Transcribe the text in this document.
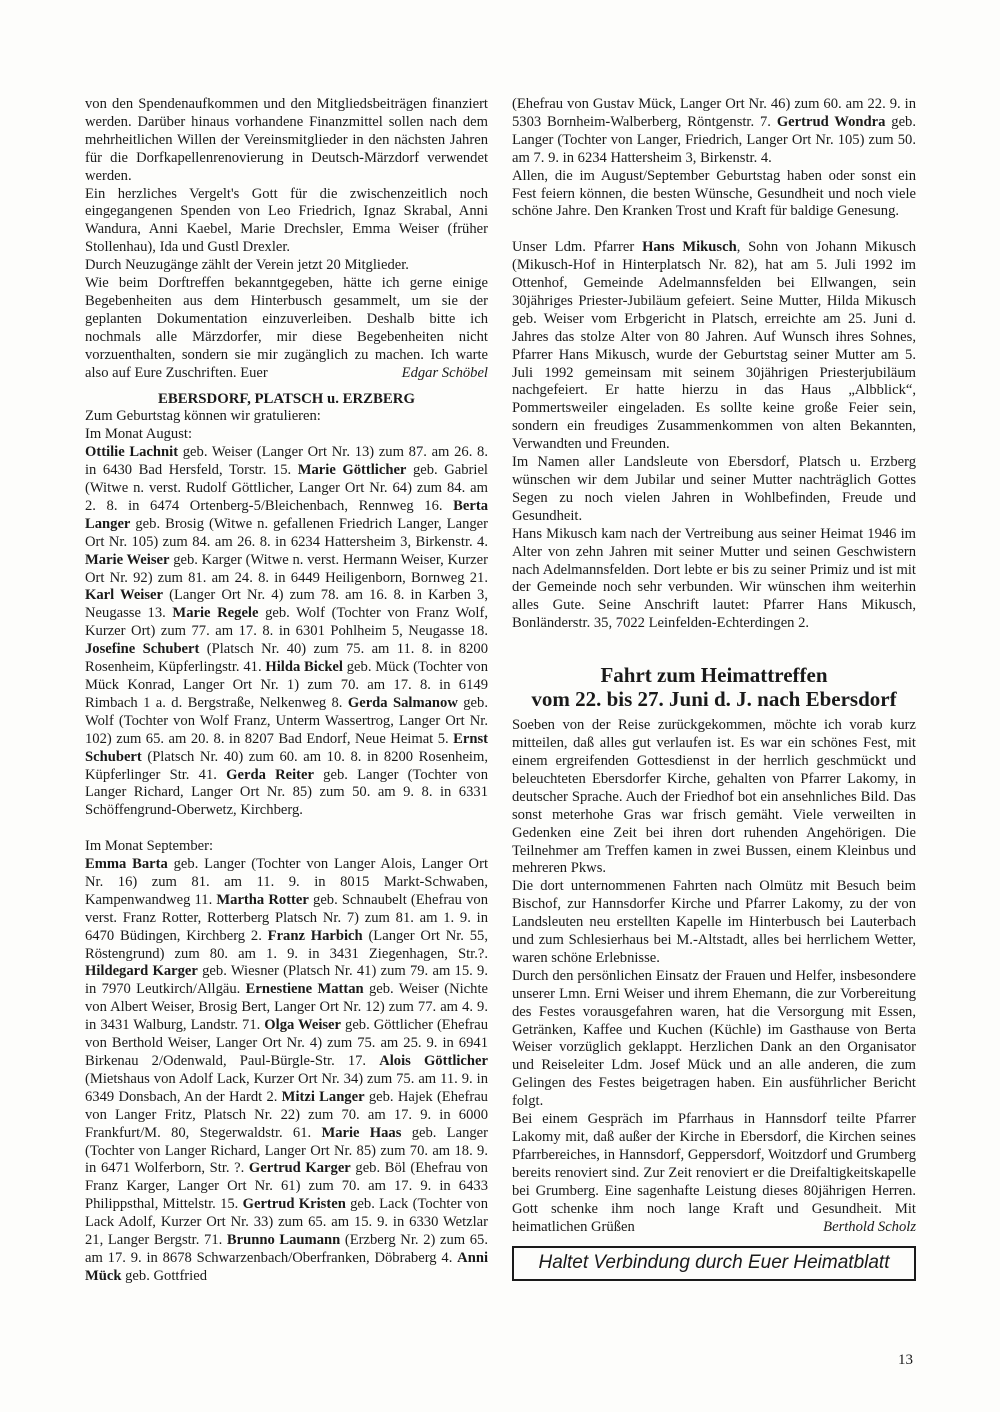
von den Spendenaufkommen und den Mitgliedsbeiträgen finanziert werden. Darüber hinaus vorhandene Finanzmittel sollen nach dem mehrheitlichen Willen der Vereinsmitglieder in den nächsten Jahren für die Dorfkapellenrenovierung in Deutsch-Märzdorf verwendet werden.

Ein herzliches Vergelt's Gott für die zwischenzeitlich noch eingegangenen Spenden von Leo Friedrich, Ignaz Skrabal, Anni Wandura, Anni Kaebel, Marie Drechsler, Emma Weiser (früher Stollenhau), Ida und Gustl Drexler.

Durch Neuzugänge zählt der Verein jetzt 20 Mitglieder.

Wie beim Dorftreffen bekanntgegeben, hätte ich gerne einige Begebenheiten aus dem Hinterbusch gesammelt, um sie der geplanten Dokumentation einzuverleiben. Deshalb bitte ich nochmals alle Märzdorfer, mir diese Begebenheiten nicht vorzuenthalten, sondern sie mir zugänglich zu machen. Ich warte also auf Eure Zuschriften. Euer	Edgar Schöbel

EBERSDORF, PLATSCH u. ERZBERG

Zum Geburtstag können wir gratulieren:

Im Monat August:

Ottilie Lachnit geb. Weiser (Langer Ort Nr. 13) zum 87. am 26. 8. in 6430 Bad Hersfeld, Torstr. 15. Marie Göttlicher geb. Gabriel (Witwe n. verst. Rudolf Göttlicher, Langer Ort Nr. 64) zum 84. am 2. 8. in 6474 Ortenberg-5/Bleichenbach, Rennweg 16. Berta Langer geb. Brosig (Witwe n. gefallenen Friedrich Langer, Langer Ort Nr. 105) zum 84. am 26. 8. in 6234 Hattersheim 3, Birkenstr. 4. Marie Weiser geb. Karger (Witwe n. verst. Hermann Weiser, Kurzer Ort Nr. 92) zum 81. am 24. 8. in 6449 Heiligenborn, Bornweg 21. Karl Weiser (Langer Ort Nr. 4) zum 78. am 16. 8. in Karben 3, Neugasse 13. Marie Regele geb. Wolf (Tochter von Franz Wolf, Kurzer Ort) zum 77. am 17. 8. in 6301 Pohlheim 5, Neugasse 18. Josefine Schubert (Platsch Nr. 40) zum 75. am 11. 8. in 8200 Rosenheim, Küpferlingstr. 41. Hilda Bickel geb. Mück (Tochter von Mück Konrad, Langer Ort Nr. 1) zum 70. am 17. 8. in 6149 Rimbach 1 a. d. Bergstraße, Nelkenweg 8. Gerda Salmanow geb. Wolf (Tochter von Wolf Franz, Unterm Wassertrog, Langer Ort Nr. 102) zum 65. am 20. 8. in 8207 Bad Endorf, Neue Heimat 5. Ernst Schubert (Platsch Nr. 40) zum 60. am 10. 8. in 8200 Rosenheim, Küpferlinger Str. 41. Gerda Reiter geb. Langer (Tochter von Langer Richard, Langer Ort Nr. 85) zum 50. am 9. 8. in 6331 Schöffengrund-Oberwetz, Kirchberg.

Im Monat September:

Emma Barta geb. Langer (Tochter von Langer Alois, Langer Ort Nr. 16) zum 81. am 11. 9. in 8015 Markt-Schwaben, Kampenwandweg 11. Martha Rotter geb. Schnaubelt (Ehefrau von verst. Franz Rotter, Rotterberg Platsch Nr. 7) zum 81. am 1. 9. in 6470 Büdingen, Kirchberg 2. Franz Harbich (Langer Ort Nr. 55, Röstengrund) zum 80. am 1. 9. in 3431 Ziegenhagen, Str.?. Hildegard Karger geb. Wiesner (Platsch Nr. 41) zum 79. am 15. 9. in 7970 Leutkirch/Allgäu. Ernestiene Mattan geb. Weiser (Nichte von Albert Weiser, Brosig Bert, Langer Ort Nr. 12) zum 77. am 4. 9. in 3431 Walburg, Landstr. 71. Olga Weiser geb. Göttlicher (Ehefrau von Berthold Weiser, Langer Ort Nr. 4) zum 75. am 25. 9. in 6941 Birkenau 2/Odenwald, Paul-Bürgle-Str. 17. Alois Göttlicher (Mietshaus von Adolf Lack, Kurzer Ort Nr. 34) zum 75. am 11. 9. in 6349 Donsbach, An der Hardt 2. Mitzi Langer geb. Hajek (Ehefrau von Langer Fritz, Platsch Nr. 22) zum 70. am 17. 9. in 6000 Frankfurt/M. 80, Stegerwaldstr. 61. Marie Haas geb. Langer (Tochter von Langer Richard, Langer Ort Nr. 85) zum 70. am 18. 9. in 6471 Wolferborn, Str. ?. Gertrud Karger geb. Böl (Ehefrau von Franz Karger, Langer Ort Nr. 61) zum 70. am 17. 9. in 6433 Philippsthal, Mittelstr. 15. Gertrud Kristen geb. Lack (Tochter von Lack Adolf, Kurzer Ort Nr. 33) zum 65. am 15. 9. in 6330 Wetzlar 21, Langer Bergstr. 71. Brunno Laumann (Erzberg Nr. 2) zum 65. am 17. 9. in 8678 Schwarzenbach/Oberfranken, Döbraberg 4. Anni Mück geb. Gottfried

(Ehefrau von Gustav Mück, Langer Ort Nr. 46) zum 60. am 22. 9. in 5303 Bornheim-Walberberg, Röntgenstr. 7. Gertrud Wondra geb. Langer (Tochter von Langer, Friedrich, Langer Ort Nr. 105) zum 50. am 7. 9. in 6234 Hattersheim 3, Birkenstr. 4.

Allen, die im August/September Geburtstag haben oder sonst ein Fest feiern können, die besten Wünsche, Gesundheit und noch viele schöne Jahre. Den Kranken Trost und Kraft für baldige Genesung.

Unser Ldm. Pfarrer Hans Mikusch, Sohn von Johann Mikusch (Mikusch-Hof in Hinterplatsch Nr. 82), hat am 5. Juli 1992 im Ottenhof, Gemeinde Adelmannsfelden bei Ellwangen, sein 30jähriges Priester-Jubiläum gefeiert. Seine Mutter, Hilda Mikusch geb. Weiser vom Erbgericht in Platsch, erreichte am 25. Juni d. Jahres das stolze Alter von 80 Jahren. Auf Wunsch ihres Sohnes, Pfarrer Hans Mikusch, wurde der Geburtstag seiner Mutter am 5. Juli 1992 gemeinsam mit seinem 30jährigen Priesterjubiläum nachgefeiert. Er hatte hierzu in das Haus „Albblick“, Pommertsweiler eingeladen. Es sollte keine große Feier sein, sondern ein freudiges Zusammenkommen von alten Bekannten, Verwandten und Freunden.

Im Namen aller Landsleute von Ebersdorf, Platsch u. Erzberg wünschen wir dem Jubilar und seiner Mutter nachträglich Gottes Segen zu noch vielen Jahren in Wohlbefinden, Freude und Gesundheit.

Hans Mikusch kam nach der Vertreibung aus seiner Heimat 1946 im Alter von zehn Jahren mit seiner Mutter und seinen Geschwistern nach Adelmannsfelden. Dort lebte er bis zu seiner Primiz und ist mit der Gemeinde noch sehr verbunden. Wir wünschen ihm weiterhin alles Gute. Seine Anschrift lautet: Pfarrer Hans Mikusch, Bonländerstr. 35, 7022 Leinfelden-Echterdingen 2.

Fahrt zum Heimattreffen
vom 22. bis 27. Juni d. J. nach Ebersdorf

Soeben von der Reise zurückgekommen, möchte ich vorab kurz mitteilen, daß alles gut verlaufen ist. Es war ein schönes Fest, mit einem ergreifenden Gottesdienst in der herrlich geschmückt und beleuchteten Ebersdorfer Kirche, gehalten von Pfarrer Lakomy, in deutscher Sprache. Auch der Friedhof bot ein ansehnliches Bild. Das sonst meterhohe Gras war frisch gemäht. Viele verweilten in Gedenken eine Zeit bei ihren dort ruhenden Angehörigen. Die Teilnehmer am Treffen kamen in zwei Bussen, einem Kleinbus und mehreren Pkws.

Die dort unternommenen Fahrten nach Olmütz mit Besuch beim Bischof, zur Hannsdorfer Kirche und Pfarrer Lakomy, zu der von Landsleuten neu erstellten Kapelle im Hinterbusch bei Lauterbach und zum Schlesierhaus bei M.-Altstadt, alles bei herrlichem Wetter, waren schöne Erlebnisse.

Durch den persönlichen Einsatz der Frauen und Helfer, insbesondere unserer Lmn. Erni Weiser und ihrem Ehemann, die zur Vorbereitung des Festes vorausgefahren waren, hat die Versorgung mit Essen, Getränken, Kaffee und Kuchen (Küchle) im Gasthause von Berta Weiser vorzüglich geklappt. Herzlichen Dank an den Organisator und Reiseleiter Ldm. Josef Mück und an alle anderen, die zum Gelingen des Festes beigetragen haben. Ein ausführlicher Bericht folgt.

Bei einem Gespräch im Pfarrhaus in Hannsdorf teilte Pfarrer Lakomy mit, daß außer der Kirche in Ebersdorf, die Kirchen seines Pfarrbereiches, in Hannsdorf, Geppersdorf, Woitzdorf und Grumberg bereits renoviert sind. Zur Zeit renoviert er die Dreifaltigkeitskapelle bei Grumberg. Eine sagenhafte Leistung dieses 80jährigen Herren. Gott schenke ihm noch lange Kraft und Gesundheit. Mit heimatlichen Grüßen	Berthold Scholz

Haltet Verbindung durch Euer Heimatblatt
13
